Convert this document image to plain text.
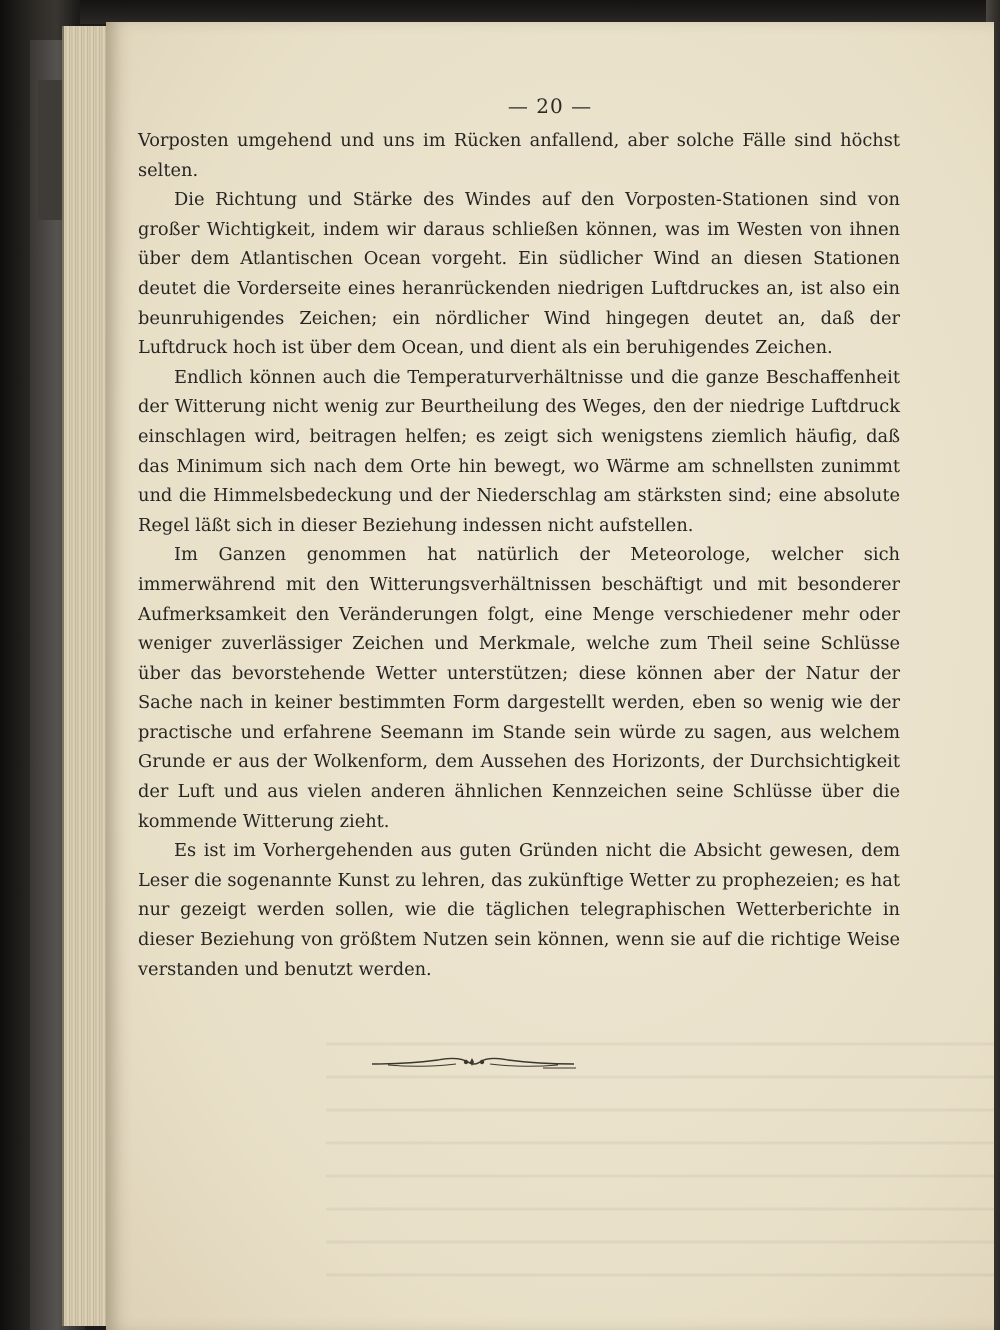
— 20 —

Vorposten umgehend und uns im Rücken anfallend, aber solche Fälle sind höchst selten.

Die Richtung und Stärke des Windes auf den Vorposten-Stationen sind von großer Wichtigkeit, indem wir daraus schließen können, was im Westen von ihnen über dem Atlantischen Ocean vorgeht. Ein südlicher Wind an diesen Stationen deutet die Vorderseite eines heranrückenden niedrigen Luftdruckes an, ist also ein beunruhigendes Zeichen; ein nördlicher Wind hingegen deutet an, daß der Luftdruck hoch ist über dem Ocean, und dient als ein beruhigendes Zeichen.

Endlich können auch die Temperaturverhältnisse und die ganze Beschaffenheit der Witterung nicht wenig zur Beurtheilung des Weges, den der niedrige Luftdruck einschlagen wird, beitragen helfen; es zeigt sich wenigstens ziemlich häufig, daß das Minimum sich nach dem Orte hin bewegt, wo Wärme am schnellsten zunimmt und die Himmelsbedeckung und der Niederschlag am stärksten sind; eine absolute Regel läßt sich in dieser Beziehung indessen nicht aufstellen.

Im Ganzen genommen hat natürlich der Meteorologe, welcher sich immerwährend mit den Witterungsverhältnissen beschäftigt und mit besonderer Aufmerksamkeit den Veränderungen folgt, eine Menge verschiedener mehr oder weniger zuverlässiger Zeichen und Merkmale, welche zum Theil seine Schlüsse über das bevorstehende Wetter unterstützen; diese können aber der Natur der Sache nach in keiner bestimmten Form dargestellt werden, eben so wenig wie der practische und erfahrene Seemann im Stande sein würde zu sagen, aus welchem Grunde er aus der Wolkenform, dem Aussehen des Horizonts, der Durchsichtigkeit der Luft und aus vielen anderen ähnlichen Kennzeichen seine Schlüsse über die kommende Witterung zieht.

Es ist im Vorhergehenden aus guten Gründen nicht die Absicht gewesen, dem Leser die sogenannte Kunst zu lehren, das zukünftige Wetter zu prophezeien; es hat nur gezeigt werden sollen, wie die täglichen telegraphischen Wetterberichte in dieser Beziehung von größtem Nutzen sein können, wenn sie auf die richtige Weise verstanden und benutzt werden.
